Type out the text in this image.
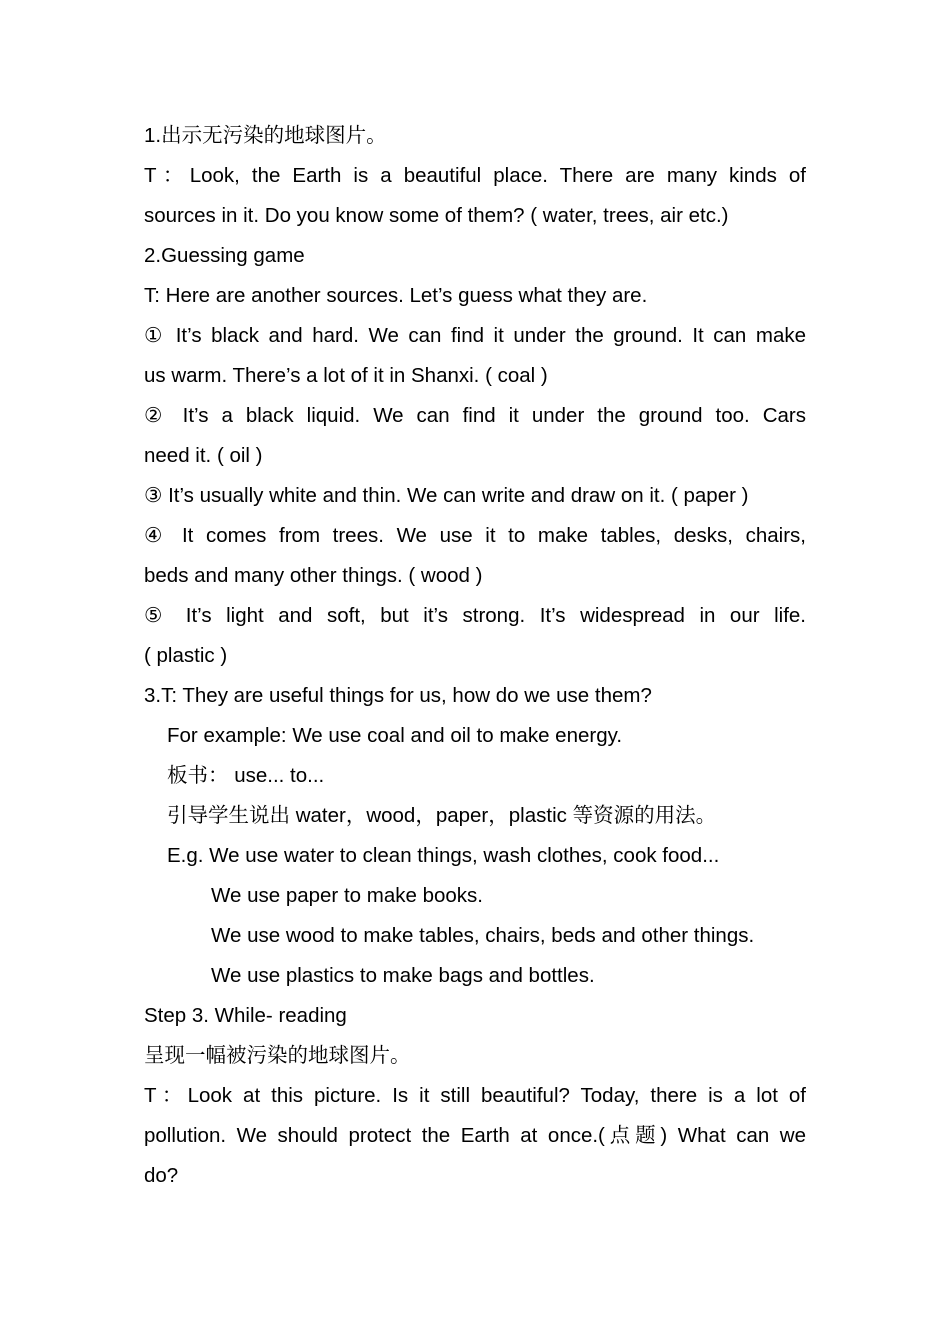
1.出示无污染的地球图片。
T：Look, the Earth is a beautiful place. There are many kinds of
sources in it. Do you know some of them? ( water, trees, air etc.)
2.Guessing game
T: Here are another sources. Let’s guess what they are.
① It’s black and hard. We can find it under the ground. It can make
us warm. There’s a lot of it in Shanxi. ( coal )
② It’s a black liquid. We can find it under the ground too. Cars
need it. ( oil )
③ It’s usually white and thin. We can write and draw on it. ( paper )
④ It comes from trees. We use it to make tables, desks, chairs,
beds and many other things. ( wood )
⑤ It’s light and soft, but it’s strong. It’s widespread in our life.
( plastic )
3.T: They are useful things for us, how do we use them?
For example: We use coal and oil to make energy.
板书： use... to...
引导学生说出 water，wood，paper，plastic 等资源的用法。
E.g. We use water to clean things, wash clothes, cook food...
We use paper to make books.
We use wood to make tables, chairs, beds and other things.
We use plastics to make bags and bottles.
Step 3. While- reading
呈现一幅被污染的地球图片。
T：Look at this picture. Is it still beautiful? Today, there is a lot of
pollution. We should protect the Earth at once.(点题) What can we
do?
